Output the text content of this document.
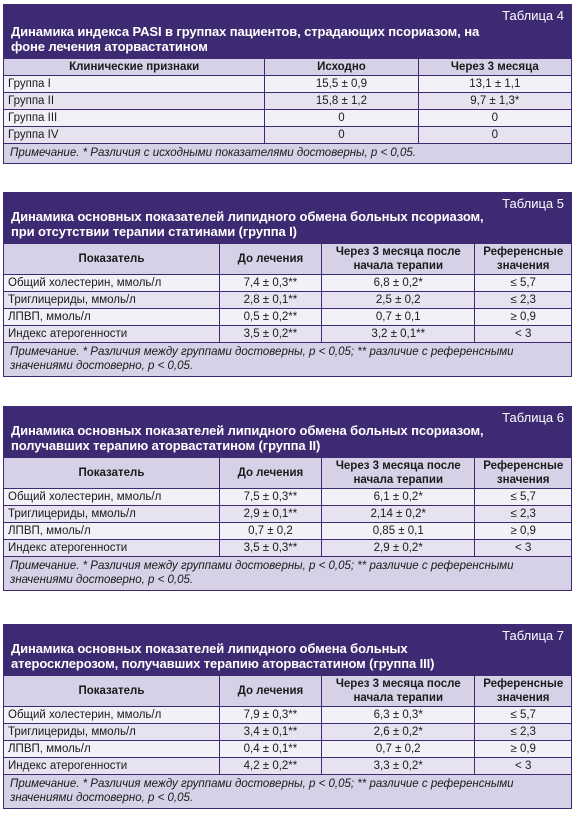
Таблица 4
Динамика индекса PASI в группах пациентов, страдающих псориазом, на фоне лечения аторвастатином
Клинические признаки	Исходно	Через 3 месяца
Группа I	15,5 ± 0,9	13,1 ± 1,1
Группа II	15,8 ± 1,2	9,7 ± 1,3*
Группа III	0	0
Группа IV	0	0
Примечание. * Различия с исходными показателями достоверны, р < 0,05.
Таблица 5
Динамика основных показателей липидного обмена больных псориазом, при отсутствии терапии статинами (группа I)
Показатель	До лечения	Через 3 месяца после начала терапии	Референсные значения
Общий холестерин, ммоль/л	7,4 ± 0,3**	6,8 ± 0,2*	≤ 5,7
Триглицериды, ммоль/л	2,8 ± 0,1**	2,5 ± 0,2	≤ 2,3
ЛПВП, ммоль/л	0,5 ± 0,2**	0,7 ± 0,1	≥ 0,9
Индекс атерогенности	3,5 ± 0,2**	3,2 ± 0,1**	< 3
Примечание. * Различия между группами достоверны, р < 0,05; ** различие с референсными значениями достоверно, р < 0,05.
Таблица 6
Динамика основных показателей липидного обмена больных псориазом, получавших терапию аторвастатином (группа II)
Показатель	До лечения	Через 3 месяца после начала терапии	Референсные значения
Общий холестерин, ммоль/л	7,5 ± 0,3**	6,1 ± 0,2*	≤ 5,7
Триглицериды, ммоль/л	2,9 ± 0,1**	2,14 ± 0,2*	≤ 2,3
ЛПВП, ммоль/л	0,7 ± 0,2	0,85 ± 0,1	≥ 0,9
Индекс атерогенности	3,5 ± 0,3**	2,9 ± 0,2*	< 3
Примечание. * Различия между группами достоверны, р < 0,05; ** различие с референсными значениями достоверно, р < 0,05.
Таблица 7
Динамика основных показателей липидного обмена больных атеросклерозом, получавших терапию аторвастатином (группа III)
Показатель	До лечения	Через 3 месяца после начала терапии	Референсные значения
Общий холестерин, ммоль/л	7,9 ± 0,3**	6,3 ± 0,3*	≤ 5,7
Триглицериды, ммоль/л	3,4 ± 0,1**	2,6 ± 0,2*	≤ 2,3
ЛПВП, ммоль/л	0,4 ± 0,1**	0,7 ± 0,2	≥ 0,9
Индекс атерогенности	4,2 ± 0,2**	3,3 ± 0,2*	< 3
Примечание. * Различия между группами достоверны, р < 0,05; ** различие с референсными значениями достоверно, р < 0,05.
